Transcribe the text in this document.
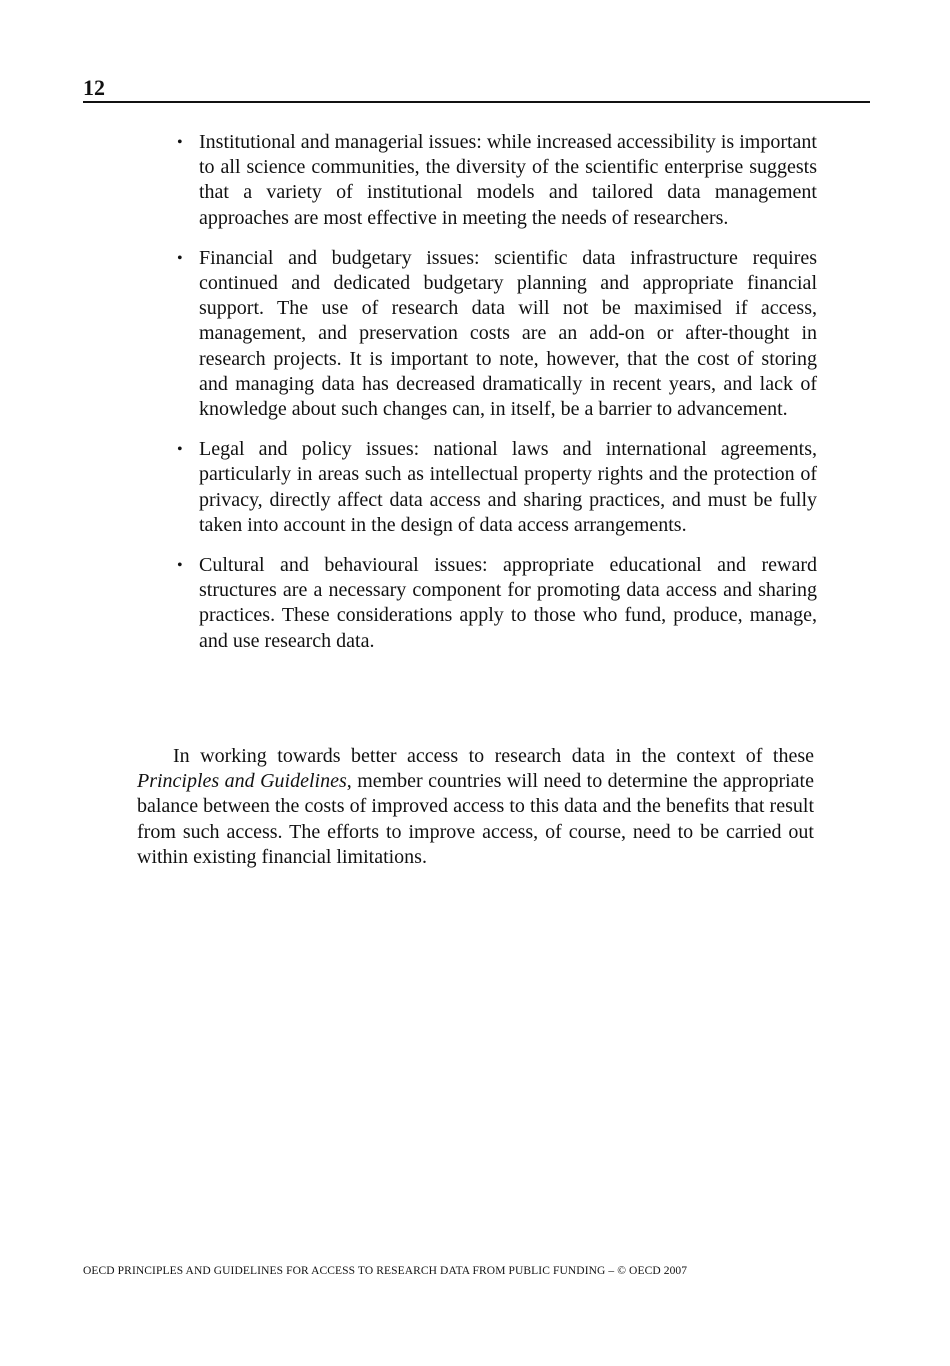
12
• Institutional and managerial issues: while increased accessibility is important to all science communities, the diversity of the scientific enterprise suggests that a variety of institutional models and tailored data management approaches are most effective in meeting the needs of researchers.
• Financial and budgetary issues: scientific data infrastructure requires continued and dedicated budgetary planning and appropriate financial support. The use of research data will not be maximised if access, management, and preservation costs are an add-on or after-thought in research projects. It is important to note, however, that the cost of storing and managing data has decreased dramatically in recent years, and lack of knowledge about such changes can, in itself, be a barrier to advancement.
• Legal and policy issues: national laws and international agreements, particularly in areas such as intellectual property rights and the protection of privacy, directly affect data access and sharing practices, and must be fully taken into account in the design of data access arrangements.
• Cultural and behavioural issues: appropriate educational and reward structures are a necessary component for promoting data access and sharing practices. These considerations apply to those who fund, produce, manage, and use research data.

In working towards better access to research data in the context of these Principles and Guidelines, member countries will need to determine the appropriate balance between the costs of improved access to this data and the benefits that result from such access. The efforts to improve access, of course, need to be carried out within existing financial limitations.

OECD PRINCIPLES AND GUIDELINES FOR ACCESS TO RESEARCH DATA FROM PUBLIC FUNDING – © OECD 2007
